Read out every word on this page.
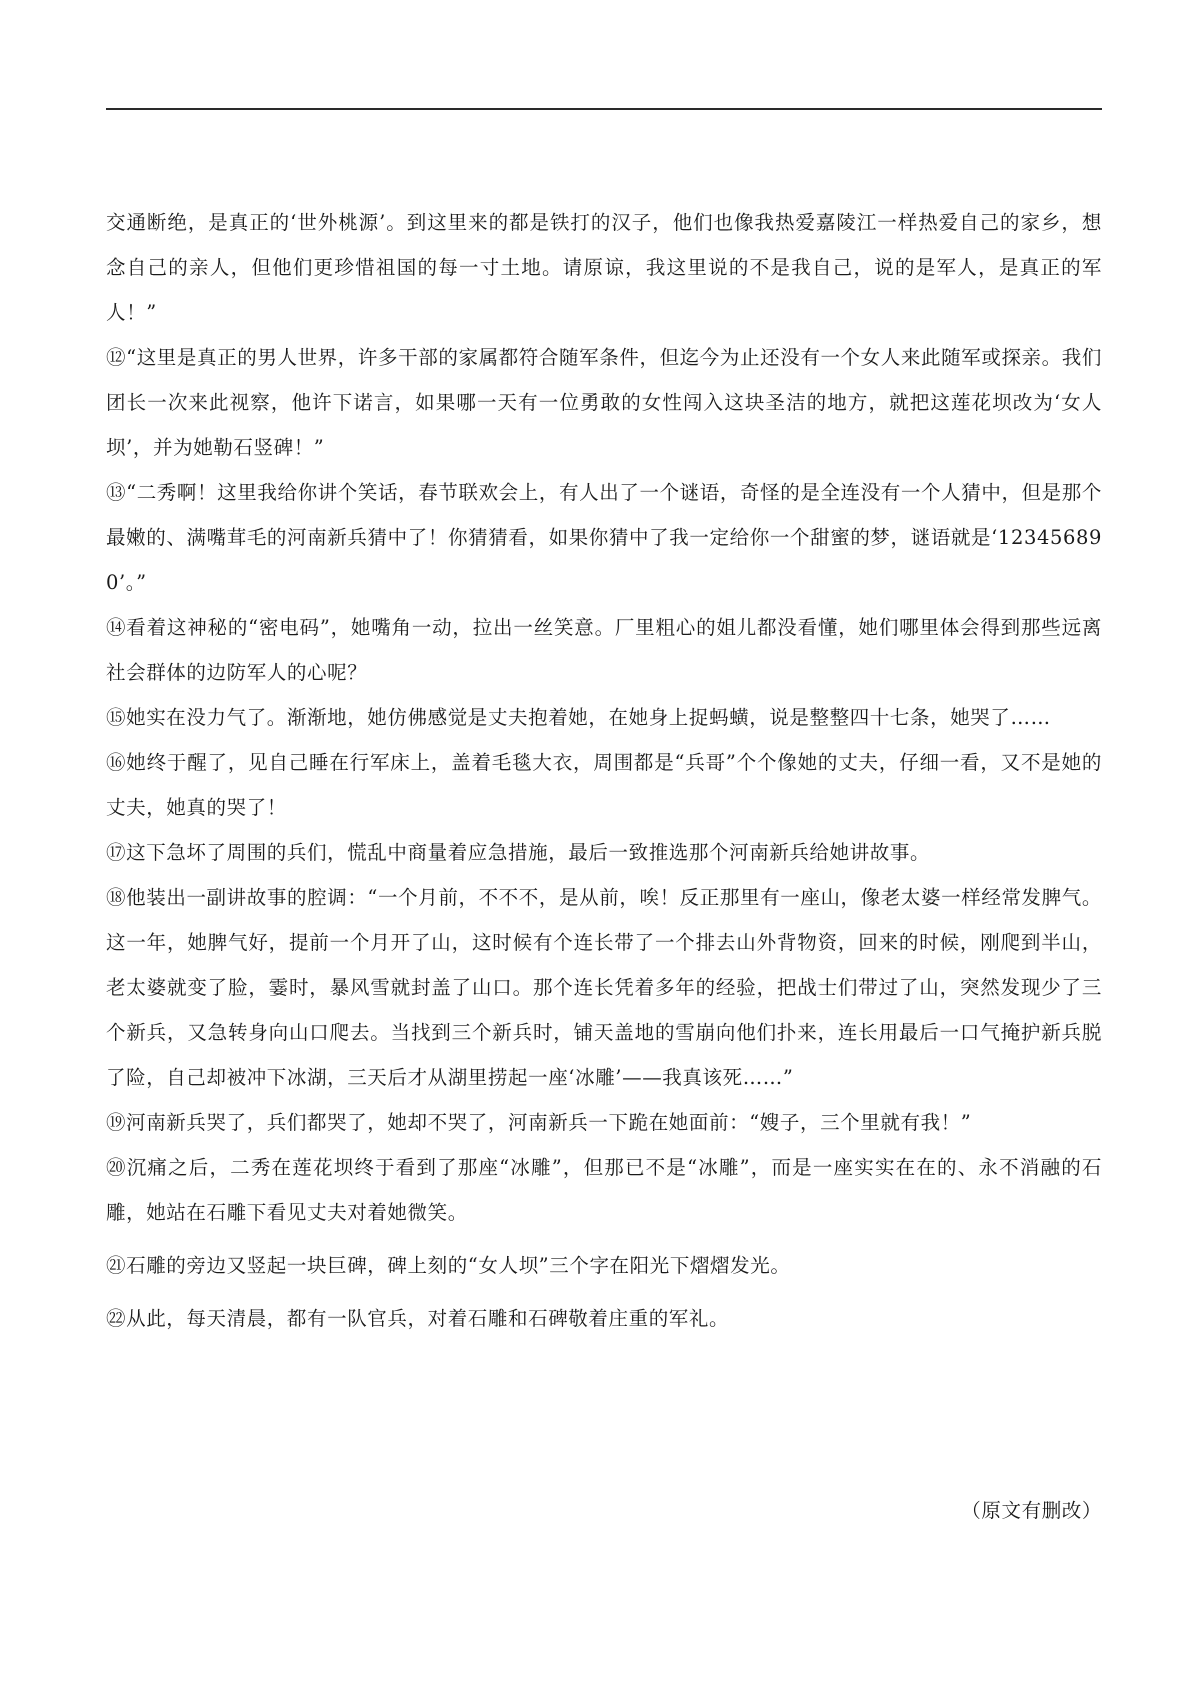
交通断绝，是真正的‘世外桃源’。到这里来的都是铁打的汉子，他们也像我热爱嘉陵江一样热爱自己的家乡，想念自己的亲人，但他们更珍惜祖国的每一寸土地。请原谅，我这里说的不是我自己，说的是军人，是真正的军人！”

⑫“这里是真正的男人世界，许多干部的家属都符合随军条件，但迄今为止还没有一个女人来此随军或探亲。我们团长一次来此视察，他许下诺言，如果哪一天有一位勇敢的女性闯入这块圣洁的地方，就把这莲花坝改为‘女人坝’，并为她勒石竖碑！”

⑬“二秀啊！这里我给你讲个笑话，春节联欢会上，有人出了一个谜语，奇怪的是全连没有一个人猜中，但是那个最嫩的、满嘴茸毛的河南新兵猜中了！你猜猜看，如果你猜中了我一定给你一个甜蜜的梦，谜语就是‘123456890’。”

⑭看着这神秘的“密电码”，她嘴角一动，拉出一丝笑意。厂里粗心的姐儿都没看懂，她们哪里体会得到那些远离社会群体的边防军人的心呢？

⑮她实在没力气了。渐渐地，她仿佛感觉是丈夫抱着她，在她身上捉蚂蟥，说是整整四十七条，她哭了……

⑯她终于醒了，见自己睡在行军床上，盖着毛毯大衣，周围都是“兵哥”个个像她的丈夫，仔细一看，又不是她的丈夫，她真的哭了！

⑰这下急坏了周围的兵们，慌乱中商量着应急措施，最后一致推选那个河南新兵给她讲故事。

⑱他装出一副讲故事的腔调：“一个月前，不不不，是从前，唉！反正那里有一座山，像老太婆一样经常发脾气。这一年，她脾气好，提前一个月开了山，这时候有个连长带了一个排去山外背物资，回来的时候，刚爬到半山，老太婆就变了脸，霎时，暴风雪就封盖了山口。那个连长凭着多年的经验，把战士们带过了山，突然发现少了三个新兵，又急转身向山口爬去。当找到三个新兵时，铺天盖地的雪崩向他们扑来，连长用最后一口气掩护新兵脱了险，自己却被冲下冰湖，三天后才从湖里捞起一座‘冰雕’——我真该死……”

⑲河南新兵哭了，兵们都哭了，她却不哭了，河南新兵一下跪在她面前：“嫂子，三个里就有我！”

⑳沉痛之后，二秀在莲花坝终于看到了那座“冰雕”，但那已不是“冰雕”，而是一座实实在在的、永不消融的石雕，她站在石雕下看见丈夫对着她微笑。

㉑石雕的旁边又竖起一块巨碑，碑上刻的“女人坝”三个字在阳光下熠熠发光。

㉒从此，每天清晨，都有一队官兵，对着石雕和石碑敬着庄重的军礼。

（原文有删改）
